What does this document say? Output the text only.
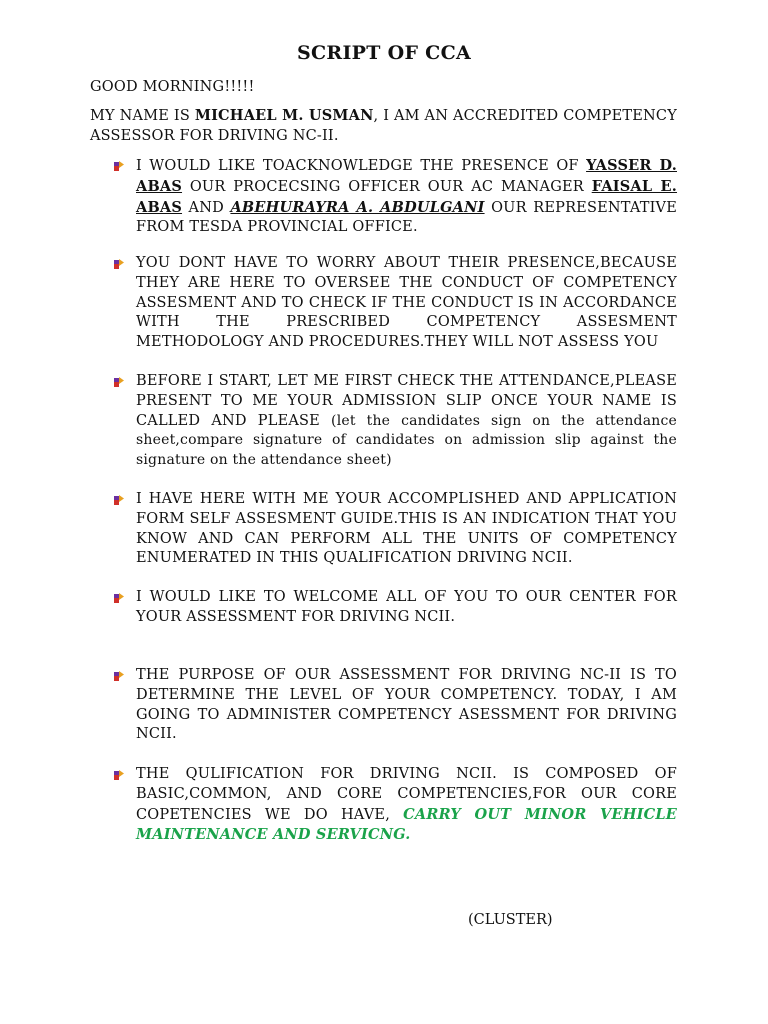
SCRIPT OF CCA
GOOD MORNING!!!!!
MY NAME IS MICHAEL M. USMAN, I AM AN ACCREDITED COMPETENCY ASSESSOR FOR DRIVING NC-II.
I WOULD LIKE TOACKNOWLEDGE THE PRESENCE OF YASSER D. ABAS OUR PROCECSING OFFICER OUR AC MANAGER FAISAL E. ABAS AND ABEHURAYRA A. ABDULGANI OUR REPRESENTATIVE FROM TESDA PROVINCIAL OFFICE.
YOU DONT HAVE TO WORRY ABOUT THEIR PRESENCE,BECAUSE THEY ARE HERE TO OVERSEE THE CONDUCT OF COMPETENCY ASSESMENT AND TO CHECK IF THE CONDUCT IS IN ACCORDANCE WITH THE PRESCRIBED COMPETENCY ASSESMENT METHODOLOGY AND PROCEDURES.THEY WILL NOT ASSESS YOU
BEFORE I START, LET ME FIRST CHECK THE ATTENDANCE,PLEASE PRESENT TO ME YOUR ADMISSION SLIP ONCE YOUR NAME IS CALLED AND PLEASE (let the candidates sign on the attendance sheet,compare signature of candidates on admission slip against the signature on the attendance sheet)
I HAVE HERE WITH ME YOUR ACCOMPLISHED AND APPLICATION FORM SELF ASSESMENT GUIDE.THIS IS AN INDICATION THAT YOU KNOW AND CAN PERFORM ALL THE UNITS OF COMPETENCY ENUMERATED IN THIS QUALIFICATION DRIVING NCII.
I WOULD LIKE TO WELCOME ALL OF YOU TO OUR CENTER FOR YOUR ASSESSMENT FOR DRIVING NCII.
THE PURPOSE OF OUR ASSESSMENT FOR DRIVING NC-II IS TO DETERMINE THE LEVEL OF YOUR COMPETENCY. TODAY, I AM GOING TO ADMINISTER COMPETENCY ASESSMENT FOR DRIVING NCII.
THE QULIFICATION FOR DRIVING NCII. IS COMPOSED OF BASIC,COMMON, AND CORE COMPETENCIES,FOR OUR CORE COPETENCIES WE DO HAVE, CARRY OUT MINOR VEHICLE MAINTENANCE AND SERVICNG.
(CLUSTER)
